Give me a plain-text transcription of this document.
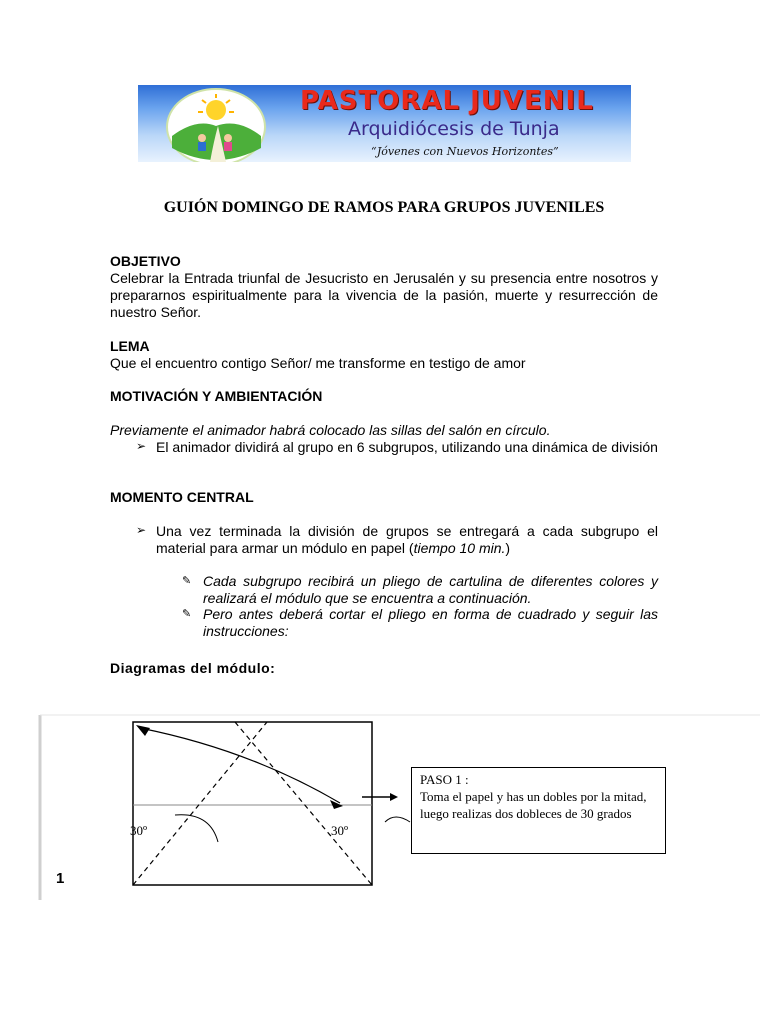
PASTORAL JUVENIL
Arquidiócesis de Tunja
“Jóvenes con Nuevos Horizontes”
GUIÓN DOMINGO DE RAMOS PARA GRUPOS JUVENILES
OBJETIVO
Celebrar la Entrada triunfal de Jesucristo en Jerusalén y su presencia entre nosotros y prepararnos espiritualmente para la vivencia de la pasión, muerte y resurrección de nuestro Señor.
LEMA
Que el encuentro contigo Señor/ me transforme en testigo de amor
MOTIVACIÓN Y AMBIENTACIÓN
Previamente el animador habrá colocado las sillas del salón en círculo.
➢ El animador dividirá al grupo en 6 subgrupos, utilizando una dinámica de división
MOMENTO CENTRAL
➢ Una vez terminada la división de grupos se entregará a cada subgrupo el material para armar un módulo en papel (tiempo 10 min.)
✎ Cada subgrupo recibirá un pliego de cartulina de diferentes colores y realizará el módulo que se encuentra a continuación.
✎ Pero antes deberá cortar el pliego en forma de cuadrado y seguir las instrucciones:
Diagramas del módulo:
30º	30º
PASO 1 :
Toma el papel y has un dobles por la mitad, luego realizas dos dobleces de 30 grados
1
